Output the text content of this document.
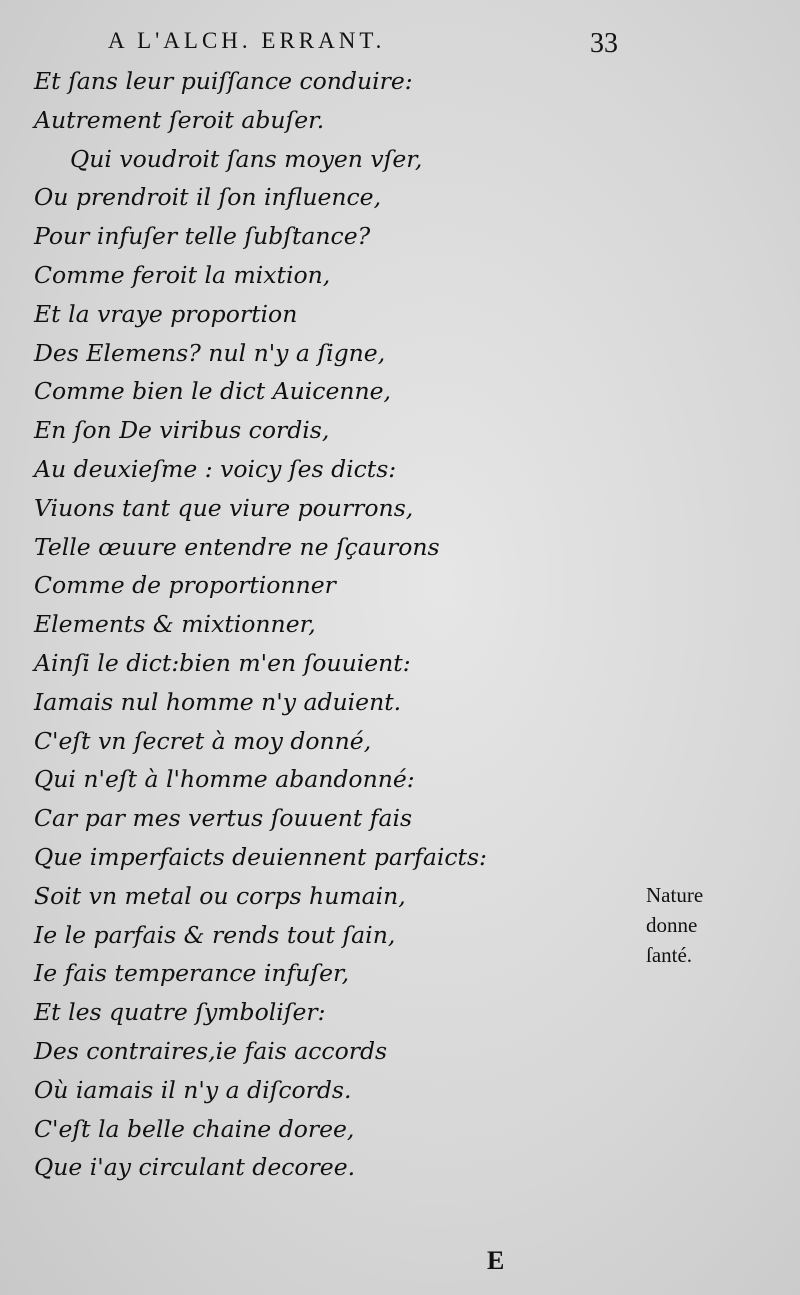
A L'ALCH. ERRANT.	33
Et ſans leur puiſſance conduire:
Autrement ſeroit abuſer.
Qui voudroit ſans moyen vſer,
Ou prendroit il ſon influence,
Pour infuſer telle ſubſtance?
Comme feroit la mixtion,
Et la vraye proportion
Des Elemens? nul n'y a ſigne,
Comme bien le dict Auicenne,
En ſon De viribus cordis,
Au deuxieſme : voicy ſes dicts:
Viuons tant que viure pourrons,
Telle œuure entendre ne ſçaurons
Comme de proportionner
Elements & mixtionner,
Ainſi le dict:bien m'en ſouuient:
Iamais nul homme n'y aduient.
C'eſt vn ſecret à moy donné,
Qui n'eſt à l'homme abandonné:
Car par mes vertus ſouuent fais
Que imperfaicts deuiennent parfaicts:
Soit vn metal ou corps humain,
Ie le parfais & rends tout ſain,
Ie fais temperance infuſer,
Et les quatre ſymboliſer:
Des contraires,ie fais accords
Où iamais il n'y a diſcords.
C'eſt la belle chaine doree,
Que i'ay circulant decoree.
Nature
donne
ſanté.
E
